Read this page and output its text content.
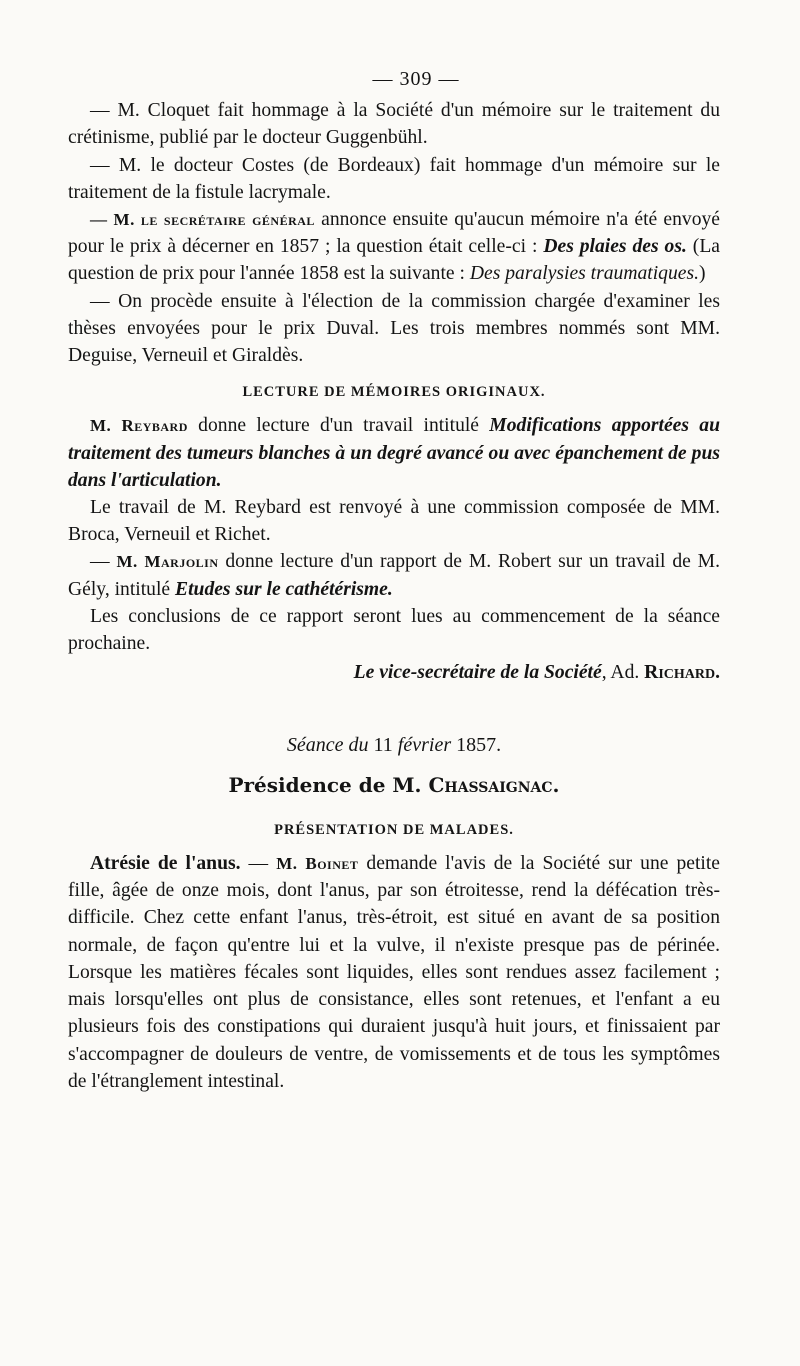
— 309 —

— M. Cloquet fait hommage à la Société d'un mémoire sur le traitement du crétinisme, publié par le docteur Guggenbühl.

— M. le docteur Costes (de Bordeaux) fait hommage d'un mémoire sur le traitement de la fistule lacrymale.

— M. le secrétaire général annonce ensuite qu'aucun mémoire n'a été envoyé pour le prix à décerner en 1857 ; la question était celle-ci : Des plaies des os. (La question de prix pour l'année 1858 est la suivante : Des paralysies traumatiques.)

— On procède ensuite à l'élection de la commission chargée d'examiner les thèses envoyées pour le prix Duval. Les trois membres nommés sont MM. Deguise, Verneuil et Giraldès.

LECTURE DE MÉMOIRES ORIGINAUX.

M. Reybard donne lecture d'un travail intitulé Modifications apportées au traitement des tumeurs blanches à un degré avancé ou avec épanchement de pus dans l'articulation.

Le travail de M. Reybard est renvoyé à une commission composée de MM. Broca, Verneuil et Richet.

— M. Marjolin donne lecture d'un rapport de M. Robert sur un travail de M. Gély, intitulé Etudes sur le cathétérisme.

Les conclusions de ce rapport seront lues au commencement de la séance prochaine.

Le vice-secrétaire de la Société, Ad. Richard.
Séance du 11 février 1857.
Présidence de M. Chassaignac.
PRÉSENTATION DE MALADES.

Atrésie de l'anus. — M. Boinet demande l'avis de la Société sur une petite fille, âgée de onze mois, dont l'anus, par son étroitesse, rend la défécation très-difficile. Chez cette enfant l'anus, très-étroit, est situé en avant de sa position normale, de façon qu'entre lui et la vulve, il n'existe presque pas de périnée. Lorsque les matières fécales sont liquides, elles sont rendues assez facilement ; mais lorsqu'elles ont plus de consistance, elles sont retenues, et l'enfant a eu plusieurs fois des constipations qui duraient jusqu'à huit jours, et finissaient par s'accompagner de douleurs de ventre, de vomissements et de tous les symptômes de l'étranglement intestinal.
